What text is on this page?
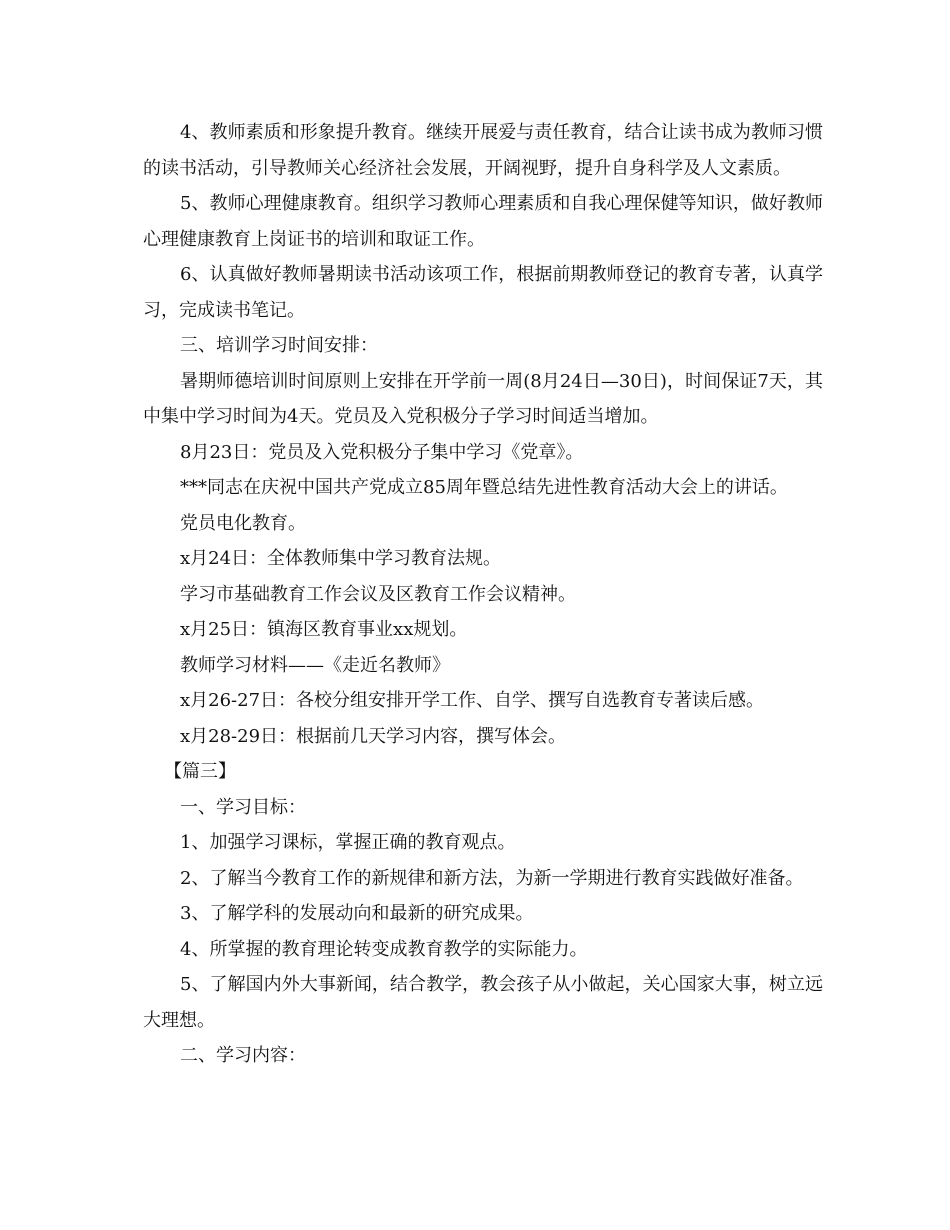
4、教师素质和形象提升教育。继续开展爱与责任教育，结合让读书成为教师习惯的读书活动，引导教师关心经济社会发展，开阔视野，提升自身科学及人文素质。

5、教师心理健康教育。组织学习教师心理素质和自我心理保健等知识，做好教师心理健康教育上岗证书的培训和取证工作。

6、认真做好教师暑期读书活动该项工作，根据前期教师登记的教育专著，认真学习，完成读书笔记。

三、培训学习时间安排：

暑期师德培训时间原则上安排在开学前一周(8月24日—30日)，时间保证7天，其中集中学习时间为4天。党员及入党积极分子学习时间适当增加。

8月23日：党员及入党积极分子集中学习《党章》。

***同志在庆祝中国共产党成立85周年暨总结先进性教育活动大会上的讲话。

党员电化教育。

x月24日：全体教师集中学习教育法规。

学习市基础教育工作会议及区教育工作会议精神。

x月25日：镇海区教育事业xx规划。

教师学习材料——《走近名教师》

x月26-27日：各校分组安排开学工作、自学、撰写自选教育专著读后感。

x月28-29日：根据前几天学习内容，撰写体会。

【篇三】

一、学习目标：

1、加强学习课标，掌握正确的教育观点。

2、了解当今教育工作的新规律和新方法，为新一学期进行教育实践做好准备。

3、了解学科的发展动向和最新的研究成果。

4、所掌握的教育理论转变成教育教学的实际能力。

5、了解国内外大事新闻，结合教学，教会孩子从小做起，关心国家大事，树立远大理想。

二、学习内容：
